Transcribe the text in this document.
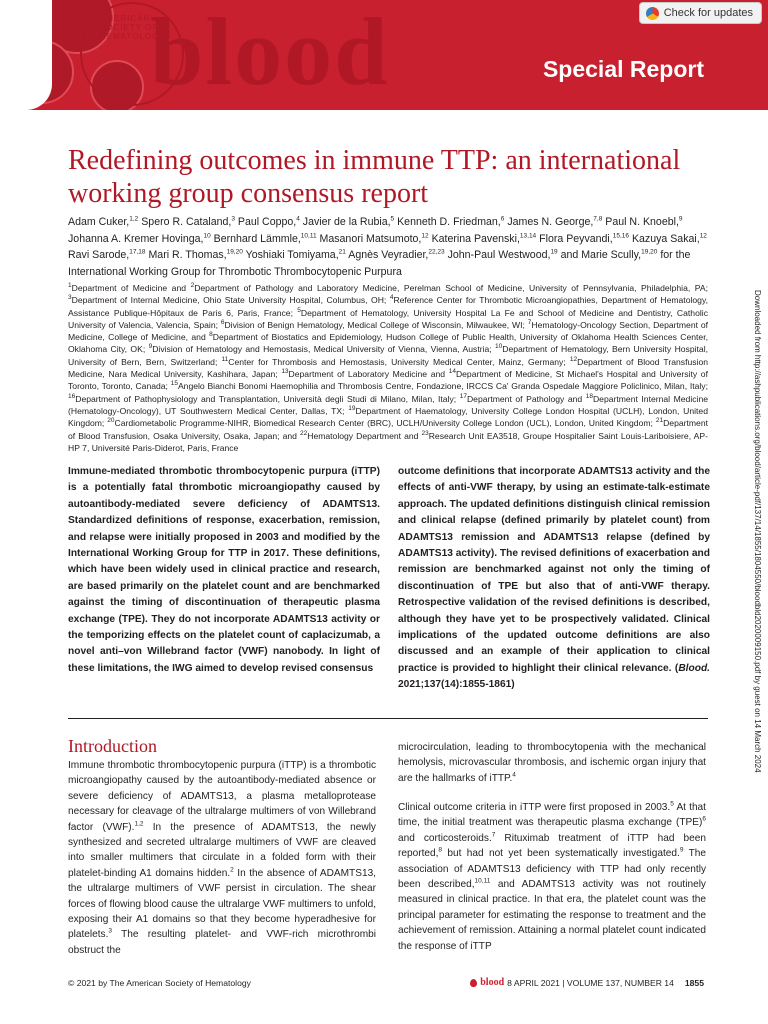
AMERICAN SOCIETY OF HEMATOLOGY
blood	Special Report
Check for updates
Redefining outcomes in immune TTP: an international working group consensus report
Adam Cuker,$^{1,2}$ Spero R. Cataland,$^3$ Paul Coppo,$^4$ Javier de la Rubia,$^5$ Kenneth D. Friedman,$^6$ James N. George,$^{7,8}$ Paul N. Knoebl,$^9$ Johanna A. Kremer Hovinga,$^{10}$ Bernhard Lämmle,$^{10,11}$ Masanori Matsumoto,$^{12}$ Katerina Pavenski,$^{13,14}$ Flora Peyvandi,$^{15,16}$ Kazuya Sakai,$^{12}$ Ravi Sarode,$^{17,18}$ Mari R. Thomas,$^{19,20}$ Yoshiaki Tomiyama,$^{21}$ Agnès Veyradier,$^{22,23}$ John-Paul Westwood,$^{19}$ and Marie Scully,$^{19,20}$ for the International Working Group for Thrombotic Thrombocytopenic Purpura
$^1$Department of Medicine and $^2$Department of Pathology and Laboratory Medicine, Perelman School of Medicine, University of Pennsylvania, Philadelphia, PA; $^3$Department of Internal Medicine, Ohio State University Hospital, Columbus, OH; $^4$Reference Center for Thrombotic Microangiopathies, Department of Hematology, Assistance Publique-Hôpitaux de Paris 6, Paris, France; $^5$Department of Hematology, University Hospital La Fe and School of Medicine and Dentistry, Catholic University of Valencia, Valencia, Spain; $^6$Division of Benign Hematology, Medical College of Wisconsin, Milwaukee, WI; $^7$Hematology-Oncology Section, Department of Medicine, College of Medicine, and $^8$Department of Biostatics and Epidemiology, Hudson College of Public Health, University of Oklahoma Health Sciences Center, Oklahoma City, OK; $^9$Division of Hematology and Hemostasis, Medical University of Vienna, Vienna, Austria; $^{10}$Department of Hematology, Bern University Hospital, University of Bern, Bern, Switzerland; $^{11}$Center for Thrombosis and Hemostasis, University Medical Center, Mainz, Germany; $^{12}$Department of Blood Transfusion Medicine, Nara Medical University, Kashihara, Japan; $^{13}$Department of Laboratory Medicine and $^{14}$Department of Medicine, St Michael's Hospital and University of Toronto, Toronto, Canada; $^{15}$Angelo Bianchi Bonomi Haemophilia and Thrombosis Centre, Fondazione, IRCCS Ca' Granda Ospedale Maggiore Policlinico, Milan, Italy; $^{16}$Department of Pathophysiology and Transplantation, Università degli Studi di Milano, Milan, Italy; $^{17}$Department of Pathology and $^{18}$Department Internal Medicine (Hematology-Oncology), UT Southwestern Medical Center, Dallas, TX; $^{19}$Department of Haematology, University College London Hospital (UCLH), London, United Kingdom; $^{20}$Cardiometabolic Programme-NIHR, Biomedical Research Center (BRC), UCLH/University College London (UCL), London, United Kingdom; $^{21}$Department of Blood Transfusion, Osaka University, Osaka, Japan; and $^{22}$Hematology Department and $^{23}$Research Unit EA3518, Groupe Hospitalier Saint Louis-Lariboisiere, AP-HP 7, Université Paris-Diderot, Paris, France
Immune-mediated thrombotic thrombocytopenic purpura (iTTP) is a potentially fatal thrombotic microangiopathy caused by autoantibody-mediated severe deficiency of ADAMTS13. Standardized definitions of response, exacerbation, remission, and relapse were initially proposed in 2003 and modified by the International Working Group for TTP in 2017. These definitions, which have been widely used in clinical practice and research, are based primarily on the platelet count and are benchmarked against the timing of discontinuation of therapeutic plasma exchange (TPE). They do not incorporate ADAMTS13 activity or the temporizing effects on the platelet count of caplacizumab, a novel anti–von Willebrand factor (VWF) nanobody. In light of these limitations, the IWG aimed to develop revised consensus
outcome definitions that incorporate ADAMTS13 activity and the effects of anti-VWF therapy, by using an estimate-talk-estimate approach. The updated definitions distinguish clinical remission and clinical relapse (defined primarily by platelet count) from ADAMTS13 remission and ADAMTS13 relapse (defined by ADAMTS13 activity). The revised definitions of exacerbation and remission are benchmarked against not only the timing of discontinuation of TPE but also that of anti-VWF therapy. Retrospective validation of the revised definitions is described, although they have yet to be prospectively validated. Clinical implications of the updated outcome definitions are also discussed and an example of their application to clinical practice is provided to highlight their clinical relevance. (Blood. 2021;137(14):1855-1861)
Introduction

Immune thrombotic thrombocytopenic purpura (iTTP) is a thrombotic microangiopathy caused by the autoantibody-mediated absence or severe deficiency of ADAMTS13, a plasma metalloprotease necessary for cleavage of the ultralarge multimers of von Willebrand factor (VWF).$^{1,2}$ In the presence of ADAMTS13, the newly synthesized and secreted ultralarge multimers of VWF are cleaved into smaller multimers that circulate in a folded form with their platelet-binding A1 domains hidden.$^2$ In the absence of ADAMTS13, the ultralarge multimers of VWF persist in circulation. The shear forces of flowing blood cause the ultralarge VWF multimers to unfold, exposing their A1 domains so that they become hyperadhesive for platelets.$^3$ The resulting platelet- and VWF-rich microthrombi obstruct the

microcirculation, leading to thrombocytopenia with the mechanical hemolysis, microvascular thrombosis, and ischemic organ injury that are the hallmarks of iTTP.$^4$

Clinical outcome criteria in iTTP were first proposed in 2003.$^5$ At that time, the initial treatment was therapeutic plasma exchange (TPE)$^6$ and corticosteroids.$^7$ Rituximab treatment of iTTP had been reported,$^8$ but had not yet been systematically investigated.$^9$ The association of ADAMTS13 deficiency with TTP had only recently been described,$^{10,11}$ and ADAMTS13 activity was not routinely measured in clinical practice. In that era, the platelet count was the principal parameter for estimating the response to treatment and the achievement of remission. Attaining a normal platelet count indicated the response of iTTP

Downloaded from http://ashpublications.org/blood/article-pdf/137/14/1855/1804550/bloodbld2020009150.pdf by guest on 14 March 2024
© 2021 by The American Society of Hematology	blood 8 APRIL 2021 | VOLUME 137, NUMBER 14 1855
